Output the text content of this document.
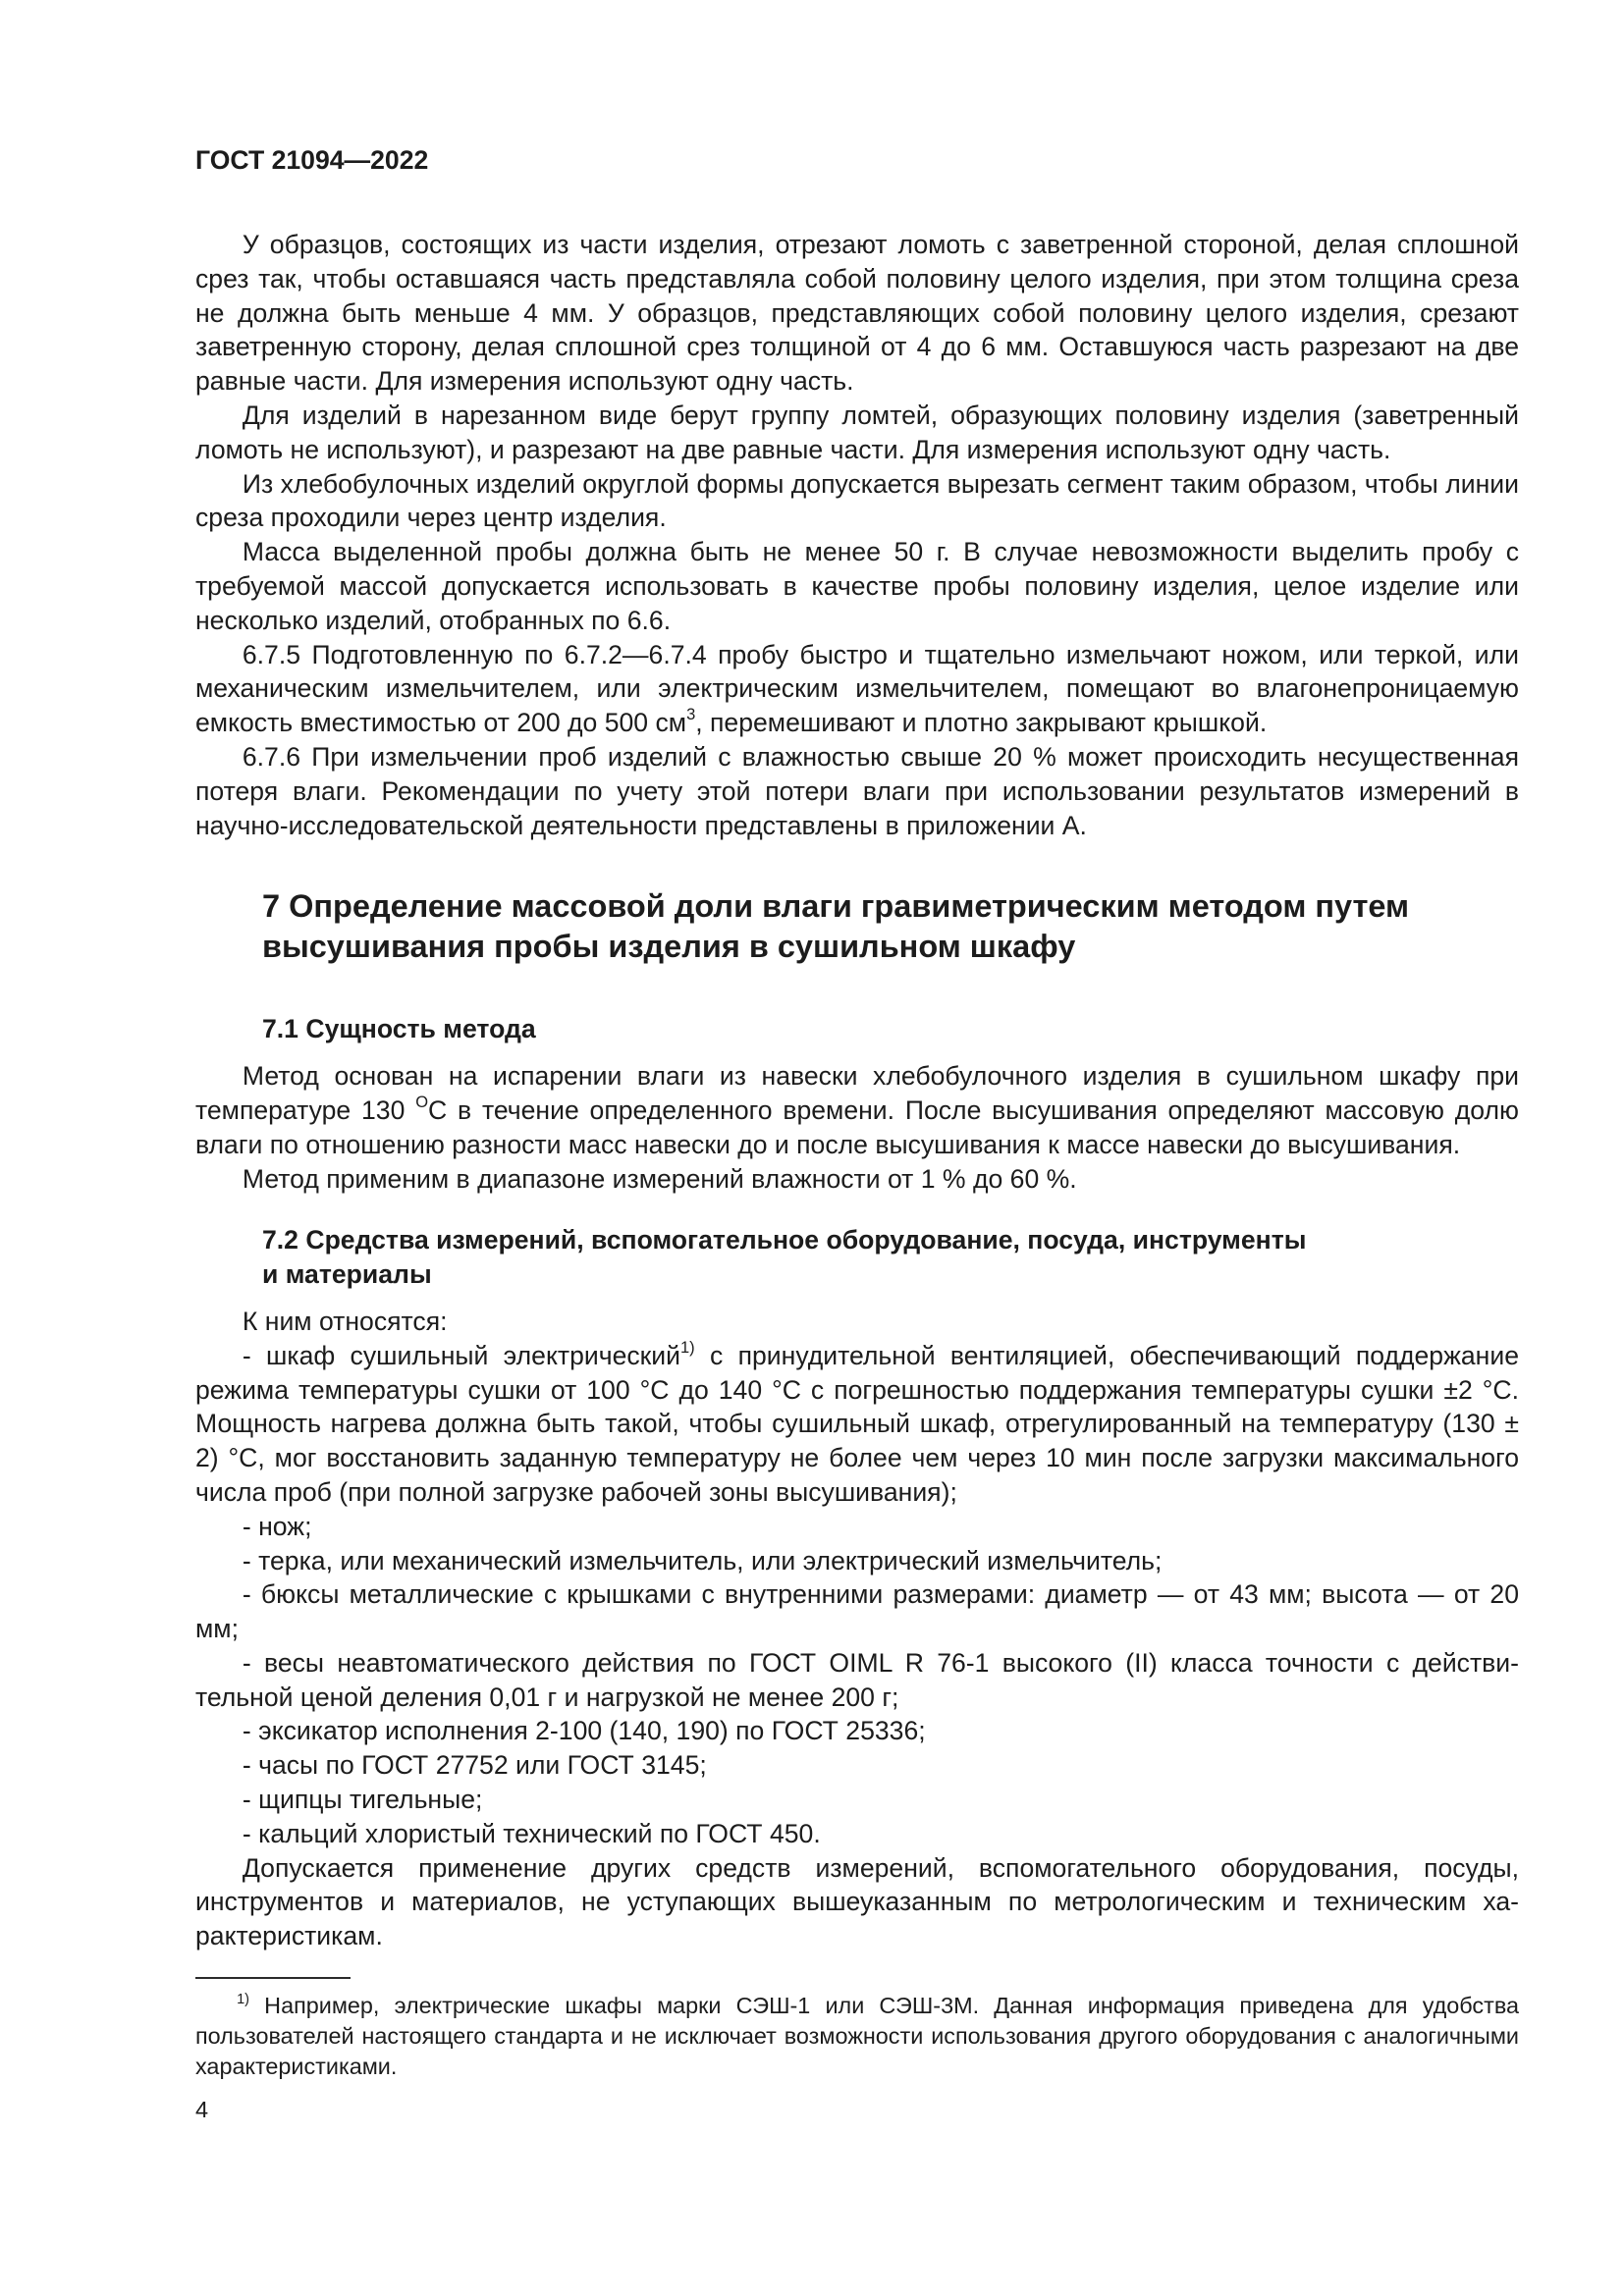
ГОСТ 21094—2022

У образцов, состоящих из части изделия, отрезают ломоть с заветренной стороной, делая сплошной срез так, чтобы оставшаяся часть представляла собой половину целого изделия, при этом толщина среза не должна быть меньше 4 мм. У образцов, представляющих собой половину целого изделия, срезают заветренную сторону, делая сплошной срез толщиной от 4 до 6 мм. Оставшуюся часть разрезают на две равные части. Для измерения используют одну часть.

Для изделий в нарезанном виде берут группу ломтей, образующих половину изделия (заветренный ломоть не используют), и разрезают на две равные части. Для измерения используют одну часть.

Из хлебобулочных изделий округлой формы допускается вырезать сегмент таким образом, чтобы линии среза проходили через центр изделия.

Масса выделенной пробы должна быть не менее 50 г. В случае невозможности выделить пробу с требуемой массой допускается использовать в качестве пробы половину изделия, целое изделие или несколько изделий, отобранных по 6.6.

6.7.5 Подготовленную по 6.7.2—6.7.4 пробу быстро и тщательно измельчают ножом, или теркой, или механическим измельчителем, или электрическим измельчителем, помещают во влагонепроницаемую емкость вместимостью от 200 до 500 $см^3$, перемешивают и плотно закрывают крышкой.

6.7.6 При измельчении проб изделий с влажностью свыше 20 % может происходить несущественная потеря влаги. Рекомендации по учету этой потери влаги при использовании результатов измерений в научно-исследовательской деятельности представлены в приложении А.

7 Определение массовой доли влаги гравиметрическим методом путем
высушивания пробы изделия в сушильном шкафу
7.1 Сущность метода

Метод основан на испарении влаги из навески хлебобулочного изделия в сушильном шкафу при температуре 130 $^О$С в течение определенного времени. После высушивания определяют массовую долю влаги по отношению разности масс навески до и после высушивания к массе навески до высушивания.

Метод применим в диапазоне измерений влажности от 1 % до 60 %.

7.2 Средства измерений, вспомогательное оборудование, посуда, инструменты
и материалы

К ним относятся:

- шкаф сушильный электрический$^{1)}$ с принудительной вентиляцией, обеспечивающий поддержание режима температуры сушки от 100 °С до 140 °С с погрешностью поддержания температуры сушки ±2 °С. Мощность нагрева должна быть такой, чтобы сушильный шкаф, отрегулированный на температуру (130 ± 2) °С, мог восстановить заданную температуру не более чем через 10 мин после загрузки максимального числа проб (при полной загрузке рабочей зоны высушивания);
- нож;
- терка, или механический измельчитель, или электрический измельчитель;
- бюксы металлические с крышками с внутренними размерами: диаметр — от 43 мм; высота — от 20 мм;
- весы неавтоматического действия по ГОСТ OIML R 76-1 высокого (II) класса точности с действительной ценой деления 0,01 г и нагрузкой не менее 200 г;
- эксикатор исполнения 2-100 (140, 190) по ГОСТ 25336;
- часы по ГОСТ 27752 или ГОСТ 3145;
- щипцы тигельные;
- кальций хлористый технический по ГОСТ 450.

Допускается применение других средств измерений, вспомогательного оборудования, посуды, инструментов и материалов, не уступающих вышеуказанным по метрологическим и техническим характеристикам.

$^{1)}$ Например, электрические шкафы марки СЭШ-1 или СЭШ-3М. Данная информация приведена для удобства пользователей настоящего стандарта и не исключает возможности использования другого оборудования с аналогичными характеристиками.

4
